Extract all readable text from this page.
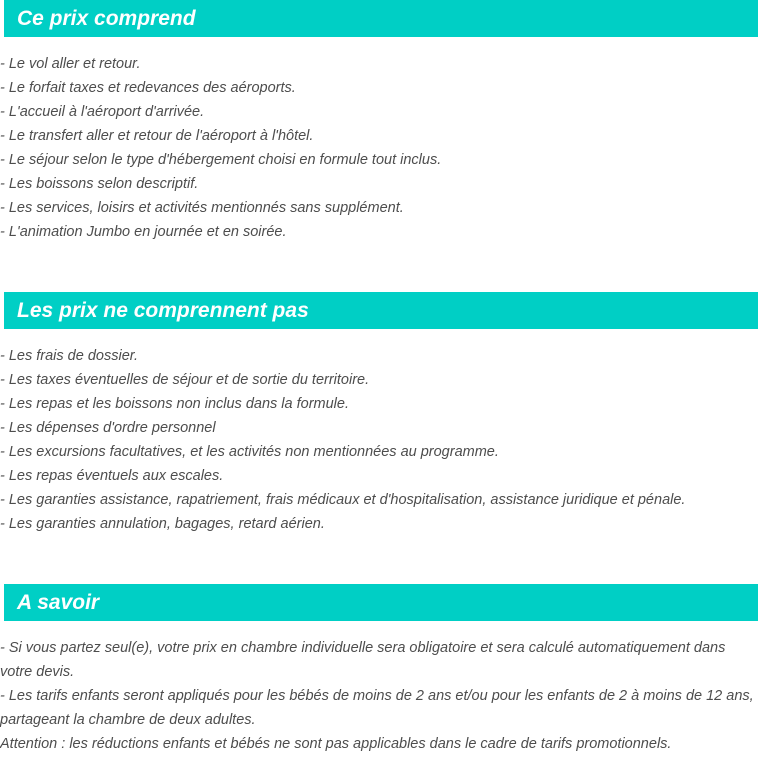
Ce prix comprend

- Le vol aller et retour.

- Le forfait taxes et redevances des aéroports.

- L'accueil à l'aéroport d'arrivée.

- Le transfert aller et retour de l'aéroport à l'hôtel.

- Le séjour selon le type d'hébergement choisi en formule tout inclus.

- Les boissons selon descriptif.

- Les services, loisirs et activités mentionnés sans supplément.

- L'animation Jumbo en journée et en soirée.

Les prix ne comprennent pas

- Les frais de dossier.

- Les taxes éventuelles de séjour et de sortie du territoire.

- Les repas et les boissons non inclus dans la formule.

- Les dépenses d'ordre personnel

- Les excursions facultatives, et les activités non mentionnées au programme.

- Les repas éventuels aux escales.

- Les garanties assistance, rapatriement, frais médicaux et d'hospitalisation, assistance juridique et pénale.

- Les garanties annulation, bagages, retard aérien.

A savoir

- Si vous partez seul(e), votre prix en chambre individuelle sera obligatoire et sera calculé automatiquement dans votre devis.

- Les tarifs enfants seront appliqués pour les bébés de moins de 2 ans et/ou pour les enfants de 2 à moins de 12 ans, partageant la chambre de deux adultes.

Attention : les réductions enfants et bébés ne sont pas applicables dans le cadre de tarifs promotionnels.
